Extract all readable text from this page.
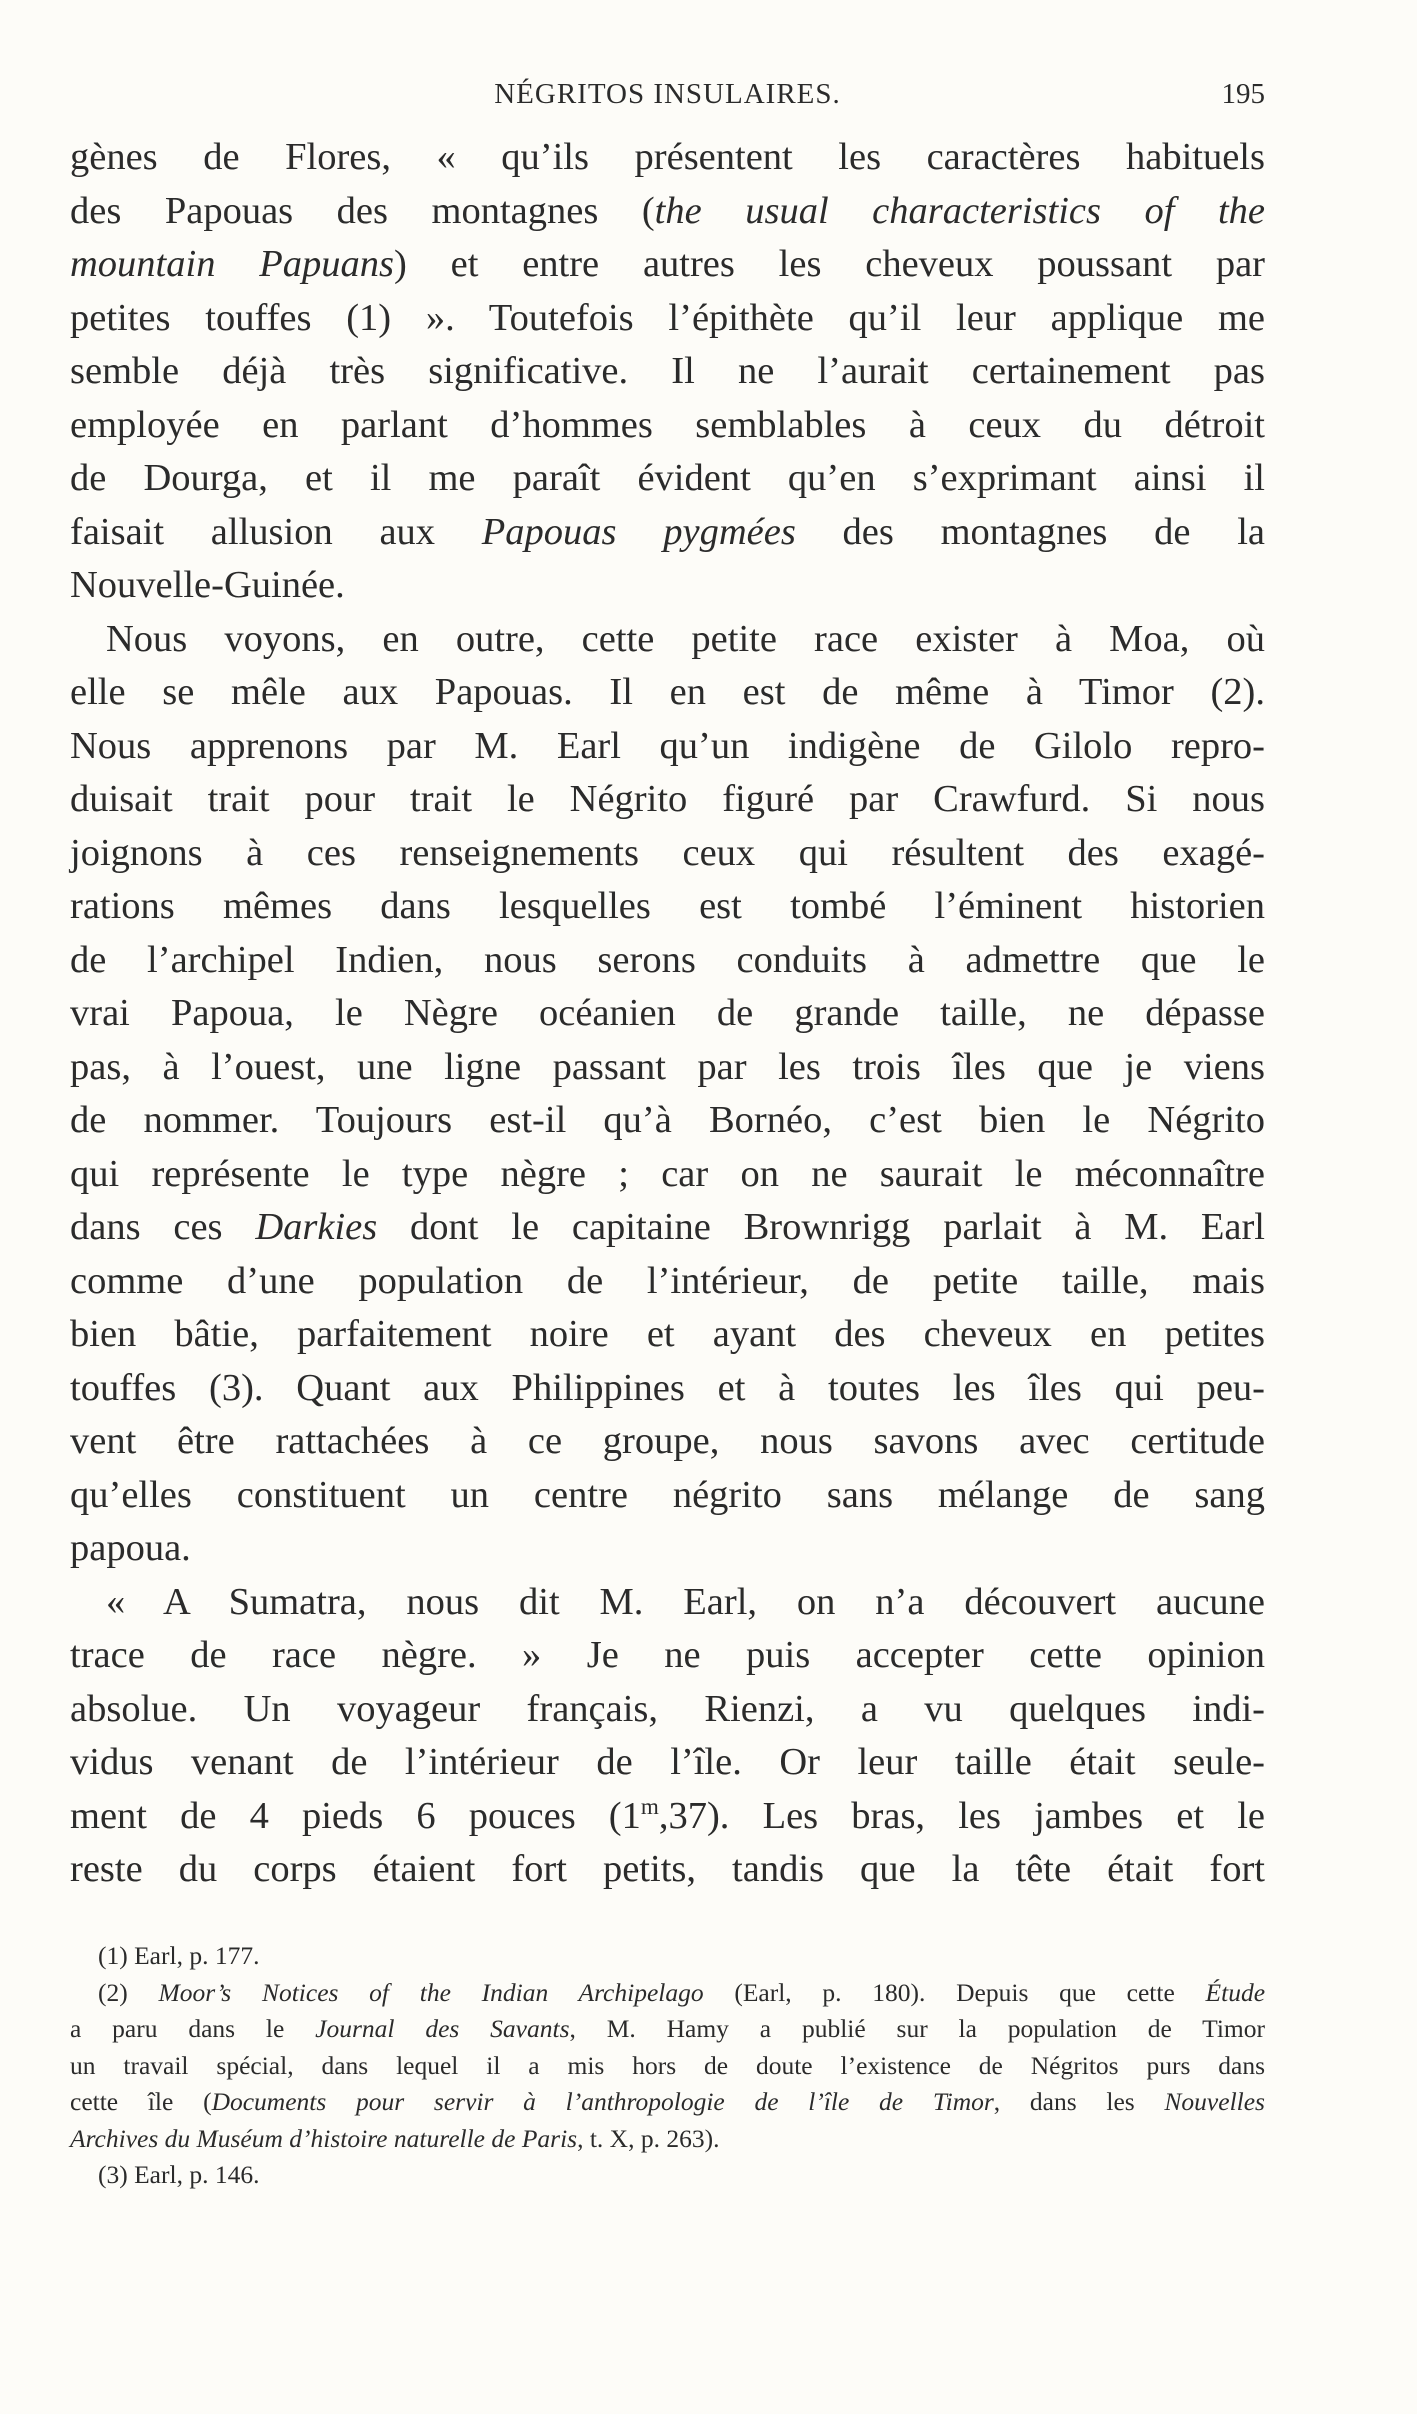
NÉGRITOS INSULAIRES.	195
gènes de Flores, « qu’ils présentent les caractères habituels
des Papouas des montagnes (the usual characteristics of the
mountain Papuans) et entre autres les cheveux poussant par
petites touffes (1) ». Toutefois l’épithète qu’il leur applique me
semble déjà très significative. Il ne l’aurait certainement pas
employée en parlant d’hommes semblables à ceux du détroit
de Dourga, et il me paraît évident qu’en s’exprimant ainsi il
faisait allusion aux Papouas pygmées des montagnes de la
Nouvelle-Guinée.
Nous voyons, en outre, cette petite race exister à Moa, où
elle se mêle aux Papouas. Il en est de même à Timor (2).
Nous apprenons par M. Earl qu’un indigène de Gilolo repro-
duisait trait pour trait le Négrito figuré par Crawfurd. Si nous
joignons à ces renseignements ceux qui résultent des exagé-
rations mêmes dans lesquelles est tombé l’éminent historien
de l’archipel Indien, nous serons conduits à admettre que le
vrai Papoua, le Nègre océanien de grande taille, ne dépasse
pas, à l’ouest, une ligne passant par les trois îles que je viens
de nommer. Toujours est-il qu’à Bornéo, c’est bien le Négrito
qui représente le type nègre ; car on ne saurait le méconnaître
dans ces Darkies dont le capitaine Brownrigg parlait à M. Earl
comme d’une population de l’intérieur, de petite taille, mais
bien bâtie, parfaitement noire et ayant des cheveux en petites
touffes (3). Quant aux Philippines et à toutes les îles qui peu-
vent être rattachées à ce groupe, nous savons avec certitude
qu’elles constituent un centre négrito sans mélange de sang
papoua.
« A Sumatra, nous dit M. Earl, on n’a découvert aucune
trace de race nègre. » Je ne puis accepter cette opinion
absolue. Un voyageur français, Rienzi, a vu quelques indi-
vidus venant de l’intérieur de l’île. Or leur taille était seule-
ment de 4 pieds 6 pouces (1$^m$,37). Les bras, les jambes et le
reste du corps étaient fort petits, tandis que la tête était fort
(1) Earl, p. 177.
(2) Moor’s Notices of the Indian Archipelago (Earl, p. 180). Depuis que cette Étude
a paru dans le Journal des Savants, M. Hamy a publié sur la population de Timor
un travail spécial, dans lequel il a mis hors de doute l’existence de Négritos purs dans
cette île (Documents pour servir à l’anthropologie de l’île de Timor, dans les Nouvelles
Archives du Muséum d’histoire naturelle de Paris, t. X, p. 263).
(3) Earl, p. 146.
